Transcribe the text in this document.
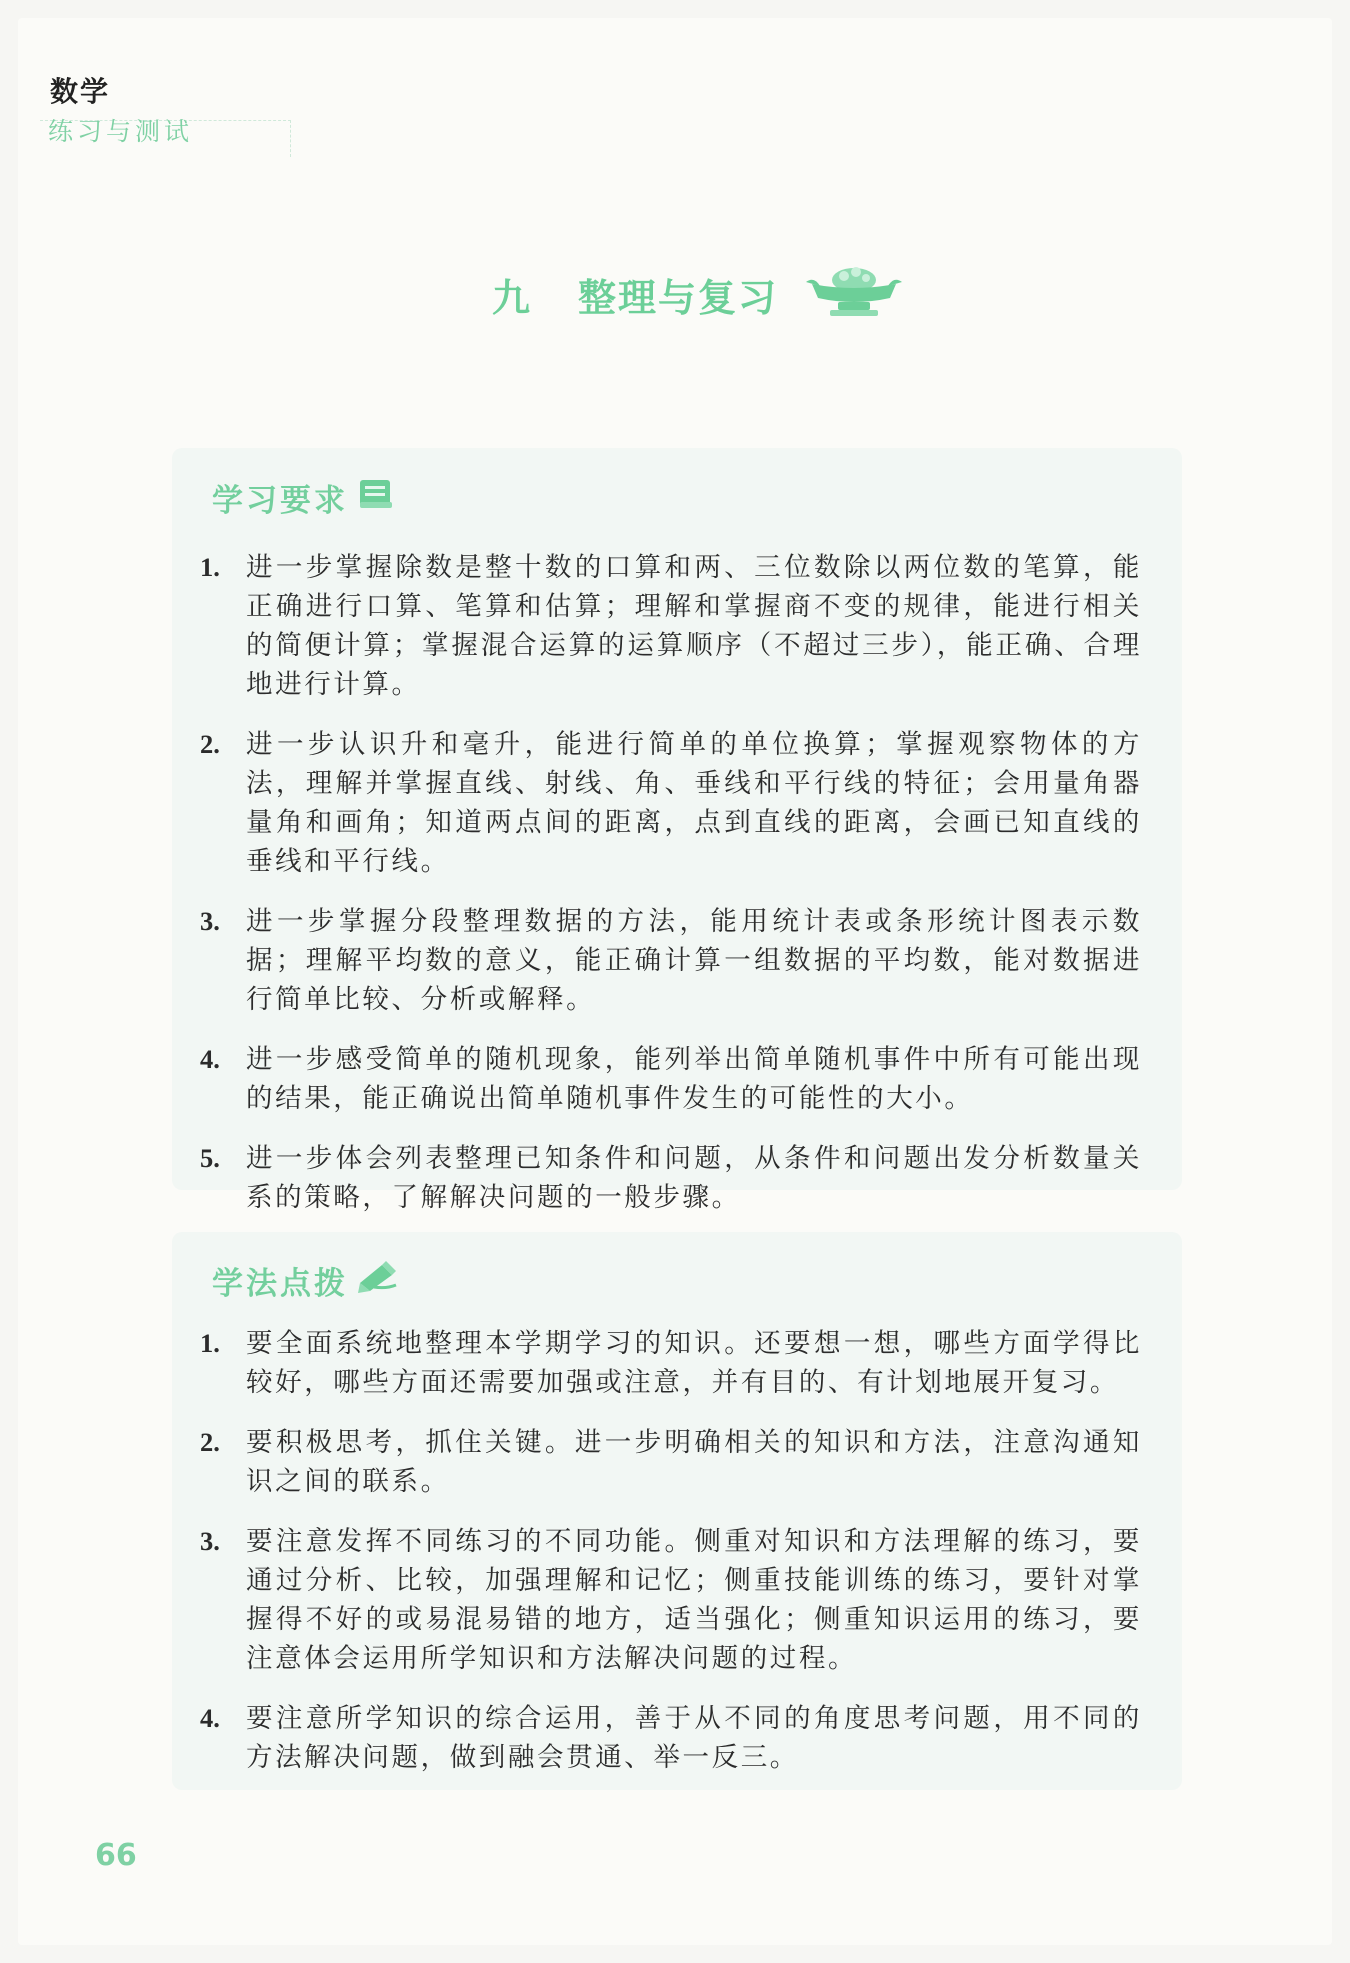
数学
练习与测试
九 整理与复习
学习要求
1. 进一步掌握除数是整十数的口算和两、三位数除以两位数的笔算，能正确进行口算、笔算和估算；理解和掌握商不变的规律，能进行相关的简便计算；掌握混合运算的运算顺序（不超过三步），能正确、合理地进行计算。
2. 进一步认识升和毫升，能进行简单的单位换算；掌握观察物体的方法，理解并掌握直线、射线、角、垂线和平行线的特征；会用量角器量角和画角；知道两点间的距离，点到直线的距离，会画已知直线的垂线和平行线。
3. 进一步掌握分段整理数据的方法，能用统计表或条形统计图表示数据；理解平均数的意义，能正确计算一组数据的平均数，能对数据进行简单比较、分析或解释。
4. 进一步感受简单的随机现象，能列举出简单随机事件中所有可能出现的结果，能正确说出简单随机事件发生的可能性的大小。
5. 进一步体会列表整理已知条件和问题，从条件和问题出发分析数量关系的策略，了解解决问题的一般步骤。
学法点拨
1. 要全面系统地整理本学期学习的知识。还要想一想，哪些方面学得比较好，哪些方面还需要加强或注意，并有目的、有计划地展开复习。
2. 要积极思考，抓住关键。进一步明确相关的知识和方法，注意沟通知识之间的联系。
3. 要注意发挥不同练习的不同功能。侧重对知识和方法理解的练习，要通过分析、比较，加强理解和记忆；侧重技能训练的练习，要针对掌握得不好的或易混易错的地方，适当强化；侧重知识运用的练习，要注意体会运用所学知识和方法解决问题的过程。
4. 要注意所学知识的综合运用，善于从不同的角度思考问题，用不同的方法解决问题，做到融会贯通、举一反三。
66
